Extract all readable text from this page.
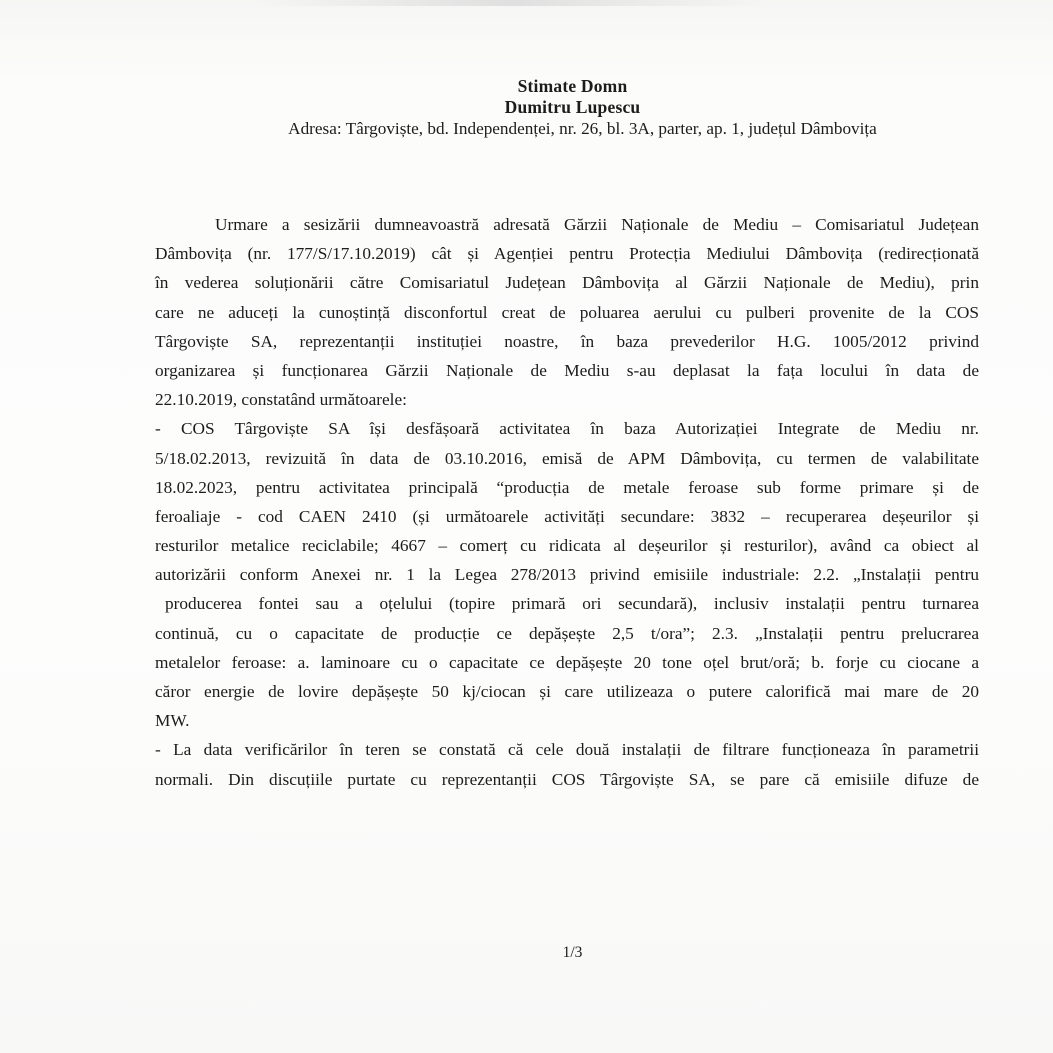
Stimate Domn
Dumitru Lupescu
Adresa: Târgoviște, bd. Independenței, nr. 26, bl. 3A, parter, ap. 1, județul Dâmbovița
Urmare a sesizării dumneavoastră adresată Gărzii Naționale de Mediu – Comisariatul Județean
Dâmbovița (nr. 177/S/17.10.2019) cât și Agenției pentru Protecția Mediului Dâmbovița (redirecționată
în vederea soluționării către Comisariatul Județean Dâmbovița al Gărzii Naționale de Mediu), prin
care ne aduceți la cunoștință disconfortul creat de poluarea aerului cu pulberi provenite de la COS
Târgoviște SA, reprezentanții instituției noastre, în baza prevederilor H.G. 1005/2012 privind
organizarea și funcționarea Gărzii Naționale de Mediu s-au deplasat la fața locului în data de
22.10.2019, constatând următoarele:
- COS Târgoviște SA își desfășoară activitatea în baza Autorizației Integrate de Mediu nr.
5/18.02.2013, revizuită în data de 03.10.2016, emisă de APM Dâmbovița, cu termen de valabilitate
18.02.2023, pentru activitatea principală “producția de metale feroase sub forme primare și de
feroaliaje - cod CAEN 2410 (și următoarele activități secundare: 3832 – recuperarea deșeurilor și
resturilor metalice reciclabile; 4667 – comerț cu ridicata al deșeurilor și resturilor), având ca obiect al
autorizării conform Anexei nr. 1 la Legea 278/2013 privind emisiile industriale: 2.2. „Instalații pentru
producerea fontei sau a oțelului (topire primară ori secundară), inclusiv instalații pentru turnarea
continuă, cu o capacitate de producție ce depășește 2,5 t/ora”; 2.3. „Instalații pentru prelucrarea
metalelor feroase: a. laminoare cu o capacitate ce depășește 20 tone oțel brut/oră; b. forje cu ciocane a
căror energie de lovire depășește 50 kj/ciocan și care utilizeaza o putere calorifică mai mare de 20
MW.
- La data verificărilor în teren se constată că cele două instalații de filtrare funcționeaza în parametrii
normali. Din discuțiile purtate cu reprezentanții COS Târgoviște SA, se pare că emisiile difuze de
1/3
